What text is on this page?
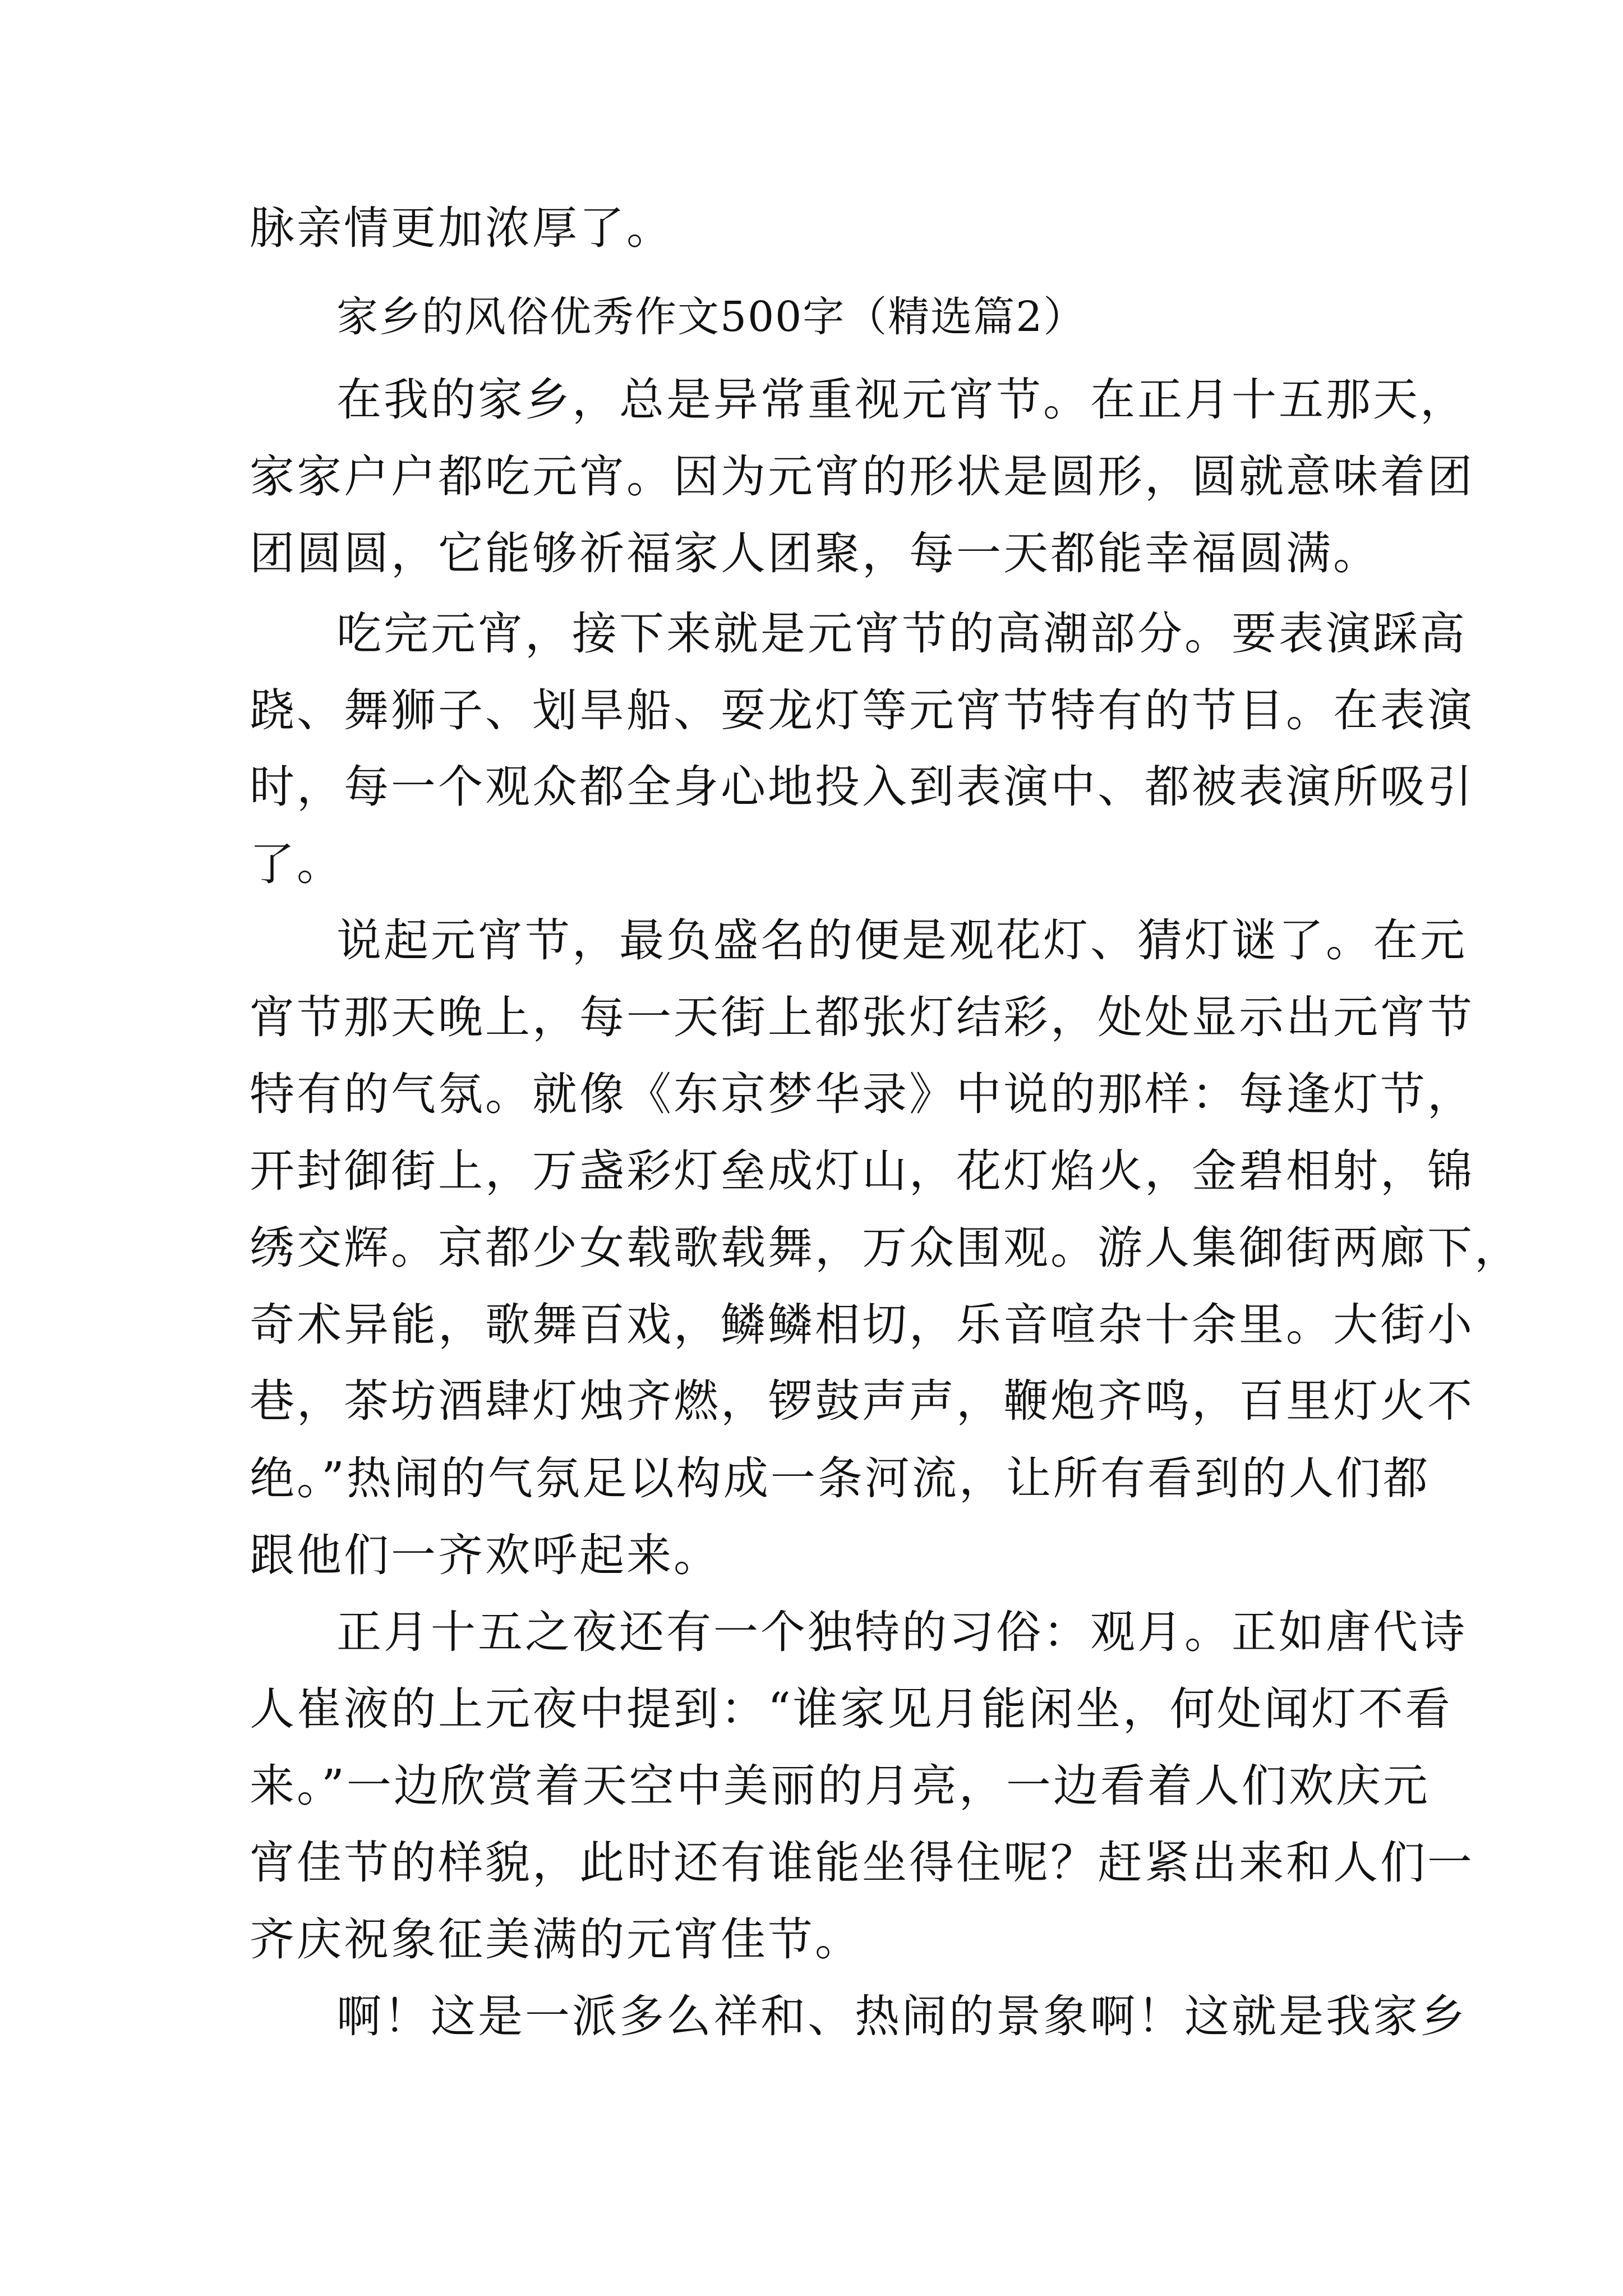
脉亲情更加浓厚了。
家乡的风俗优秀作文500字（精选篇2）
在我的家乡，总是异常重视元宵节。在正月十五那天，
家家户户都吃元宵。因为元宵的形状是圆形，圆就意味着团
团圆圆，它能够祈福家人团聚，每一天都能幸福圆满。
吃完元宵，接下来就是元宵节的高潮部分。要表演踩高
跷、舞狮子、划旱船、耍龙灯等元宵节特有的节目。在表演
时，每一个观众都全身心地投入到表演中、都被表演所吸引
了。
说起元宵节，最负盛名的便是观花灯、猜灯谜了。在元
宵节那天晚上，每一天街上都张灯结彩，处处显示出元宵节
特有的气氛。就像《东京梦华录》中说的那样：每逢灯节，
开封御街上，万盏彩灯垒成灯山，花灯焰火，金碧相射，锦
绣交辉。京都少女载歌载舞，万众围观。游人集御街两廊下，
奇术异能，歌舞百戏，鳞鳞相切，乐音喧杂十余里。大街小
巷，茶坊酒肆灯烛齐燃，锣鼓声声，鞭炮齐鸣，百里灯火不
绝。”热闹的气氛足以构成一条河流，让所有看到的人们都
跟他们一齐欢呼起来。
正月十五之夜还有一个独特的习俗：观月。正如唐代诗
人崔液的上元夜中提到：“谁家见月能闲坐，何处闻灯不看
来。”一边欣赏着天空中美丽的月亮，一边看着人们欢庆元
宵佳节的样貌，此时还有谁能坐得住呢？赶紧出来和人们一
齐庆祝象征美满的元宵佳节。
啊！这是一派多么祥和、热闹的景象啊！这就是我家乡
